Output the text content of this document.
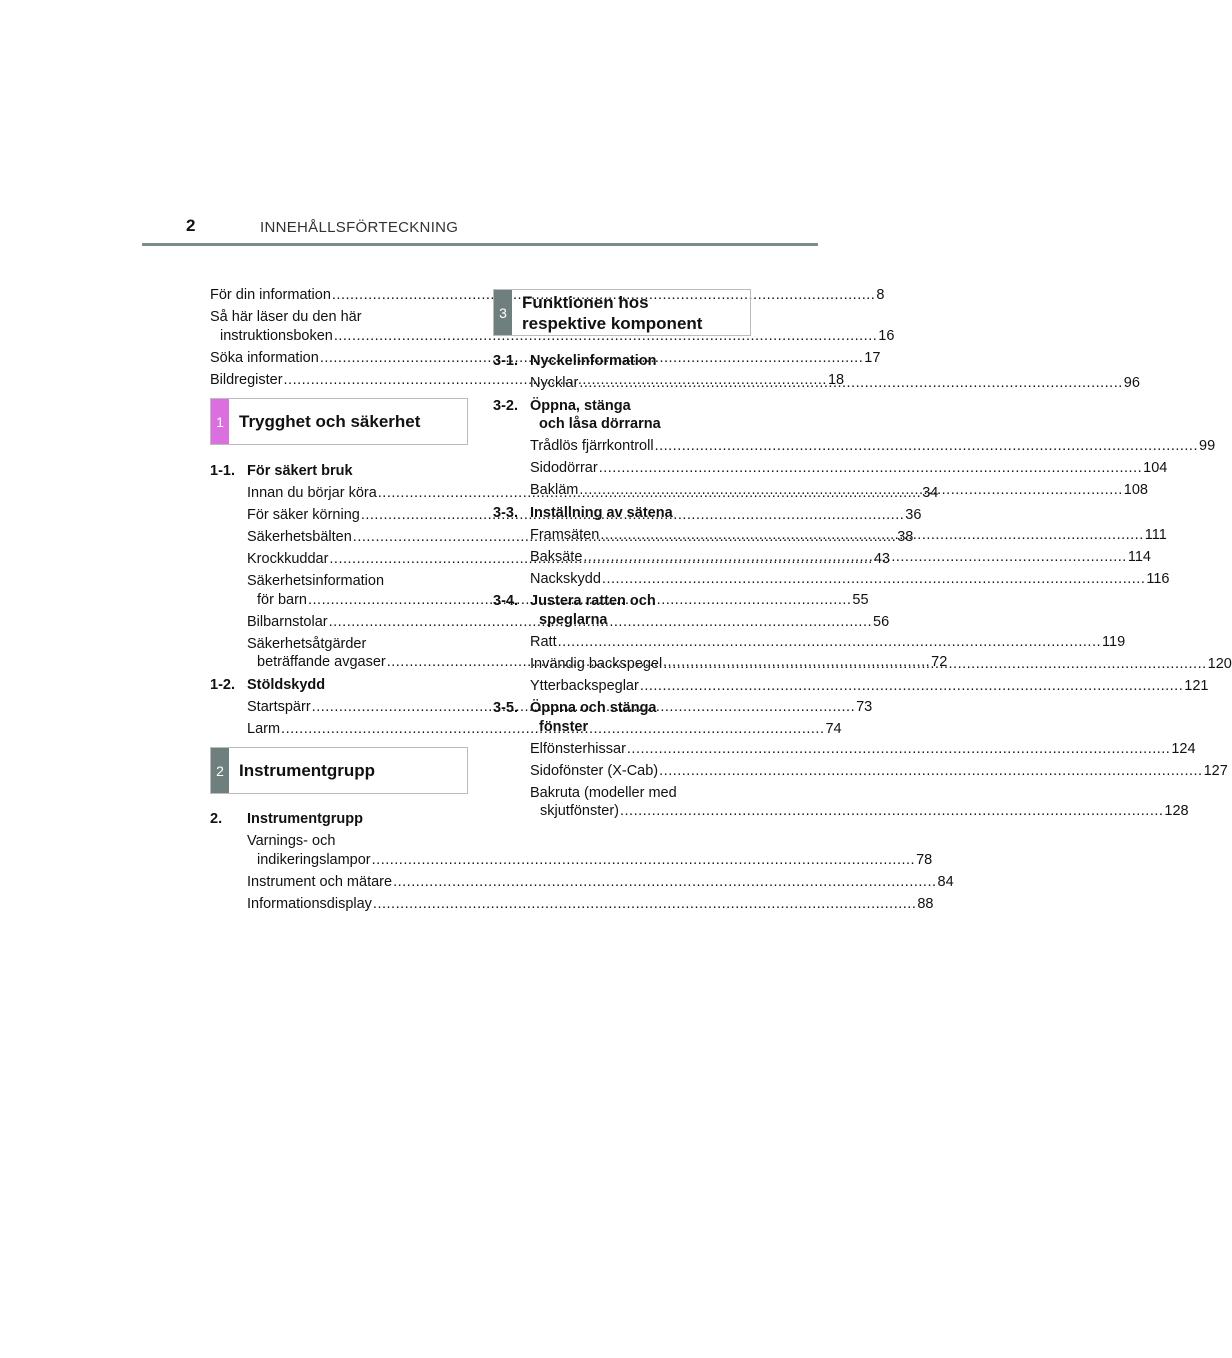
2	INNEHÅLLSFÖRTECKNING
För din information .....	8
Så här läser du den här
instruktionsboken .....	16
Söka information .....	17
Bildregister .....	18
1 Trygghet och säkerhet
1-1. För säkert bruk
Innan du börjar köra .....	34
För säker körning .....	36
Säkerhetsbälten .....	38
Krockkuddar .....	43
Säkerhetsinformation
för barn .....	55
Bilbarnstolar .....	56
Säkerhetsåtgärder
beträffande avgaser .....	72
1-2. Stöldskydd
Startspärr .....	73
Larm .....	74
2 Instrumentgrupp
2.	Instrumentgrupp
Varnings- och
indikeringslampor .....	78
Instrument och mätare .....	84
Informationsdisplay .....	88
3
Funktionen hos
respektive komponent
3-1. Nyckelinformation
Nycklar .....	96
3-2. Öppna, stänga
och låsa dörrarna
Trådlös fjärrkontroll .....	99
Sidodörrar .....	104
Bakläm .....	108
3-3. Inställning av sätena
Framsäten .....	111
Baksäte .....	114
Nackskydd .....	116
3-4. Justera ratten och
speglarna
Ratt .....	119
Invändig backspegel .....	120
Ytterbackspeglar .....	121
3-5. Öppna och stänga
fönster
Elfönsterhissar .....	124
Sidofönster (X-Cab) .....	127
Bakruta (modeller med
skjutfönster) .....	128
